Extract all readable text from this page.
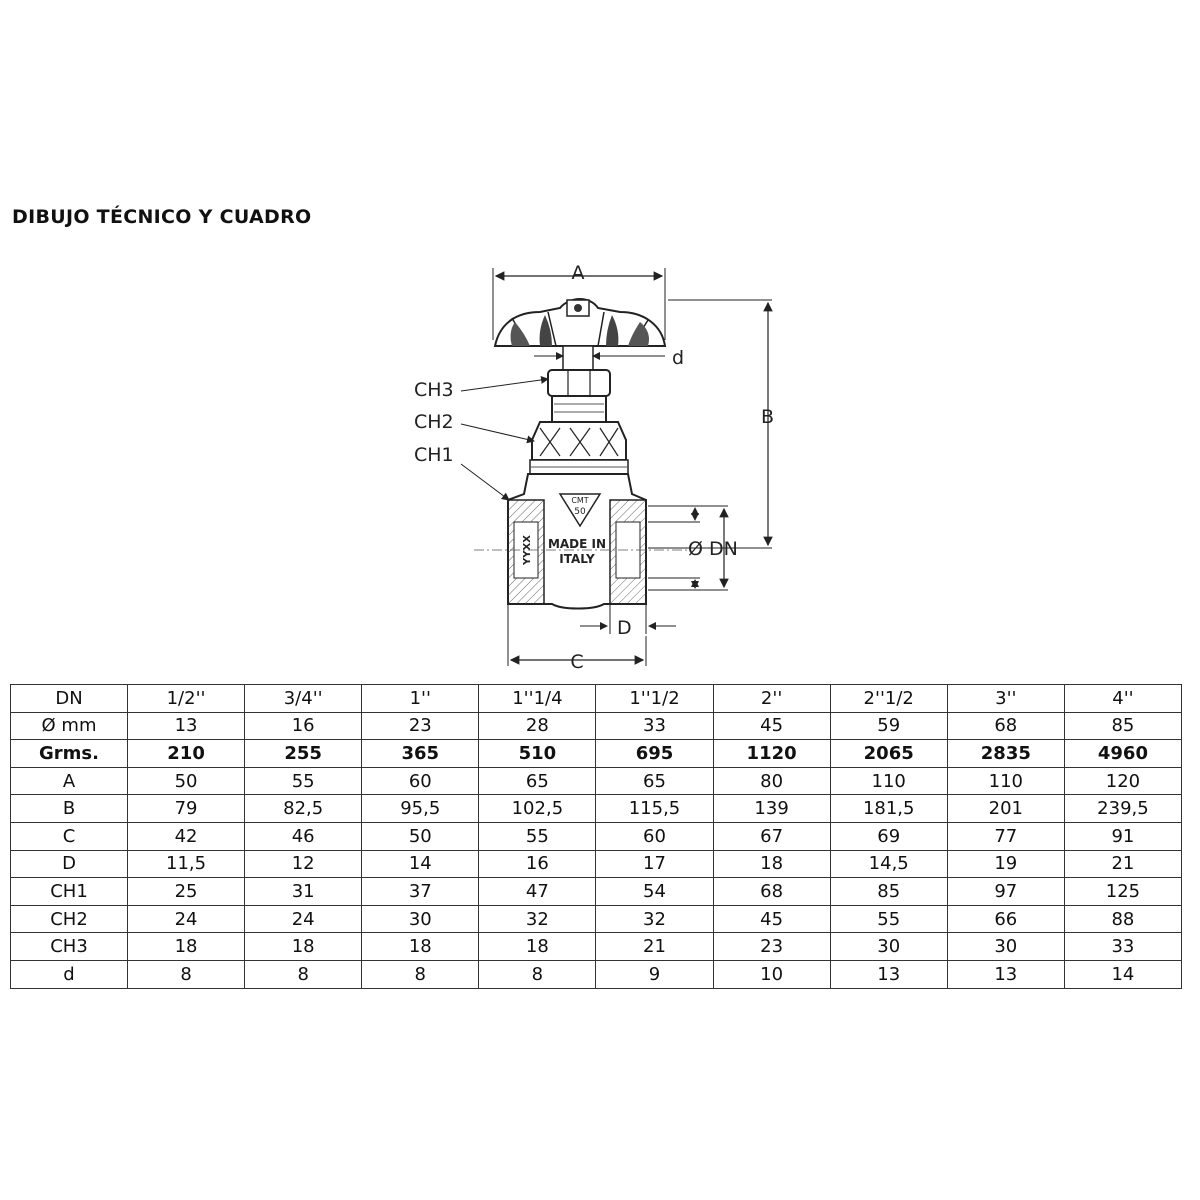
DIBUJO TÉCNICO Y CUADRO
A
d
CMT
50
MADE IN
ITALY
YYXX
CH3
CH2
CH1
B
Ø DN
D
C
DN	1/2''	3/4''	1''	1''1/4	1''1/2	2''	2''1/2	3''	4''
Ø mm	13	16	23	28	33	45	59	68	85
Grms.	210	255	365	510	695	1120	2065	2835	4960
A	50	55	60	65	65	80	110	110	120
B	79	82,5	95,5	102,5	115,5	139	181,5	201	239,5
C	42	46	50	55	60	67	69	77	91
D	11,5	12	14	16	17	18	14,5	19	21
CH1	25	31	37	47	54	68	85	97	125
CH2	24	24	30	32	32	45	55	66	88
CH3	18	18	18	18	21	23	30	30	33
d	8	8	8	8	9	10	13	13	14
